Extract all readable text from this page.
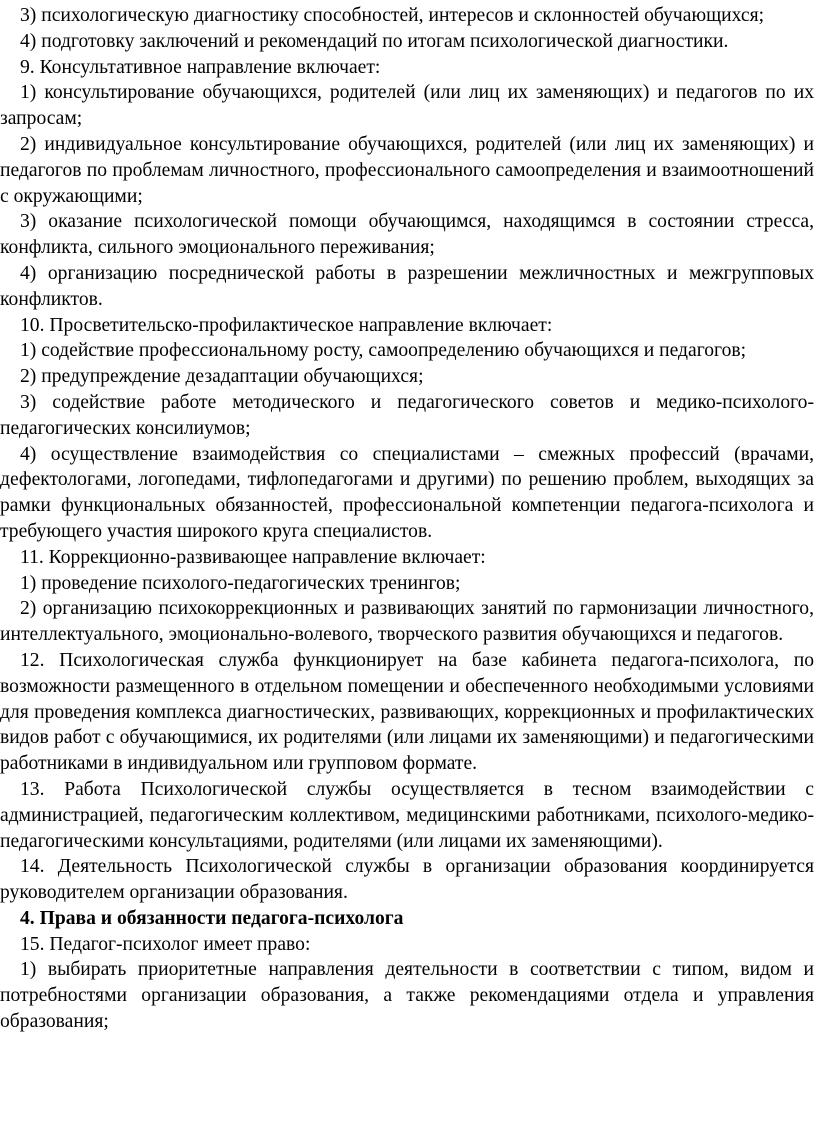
3) психологическую диагностику способностей, интересов и склонностей обучающихся;

4) подготовку заключений и рекомендаций по итогам психологической диагностики.

9. Консультативное направление включает:

1) консультирование обучающихся, родителей (или лиц их заменяющих) и педагогов по их запросам;

2) индивидуальное консультирование обучающихся, родителей (или лиц их заменяющих) и педагогов по проблемам личностного, профессионального самоопределения и взаимоотношений с окружающими;

3) оказание психологической помощи обучающимся, находящимся в состоянии стресса, конфликта, сильного эмоционального переживания;

4) организацию посреднической работы в разрешении межличностных и межгрупповых конфликтов.

10. Просветительско-профилактическое направление включает:

1) содействие профессиональному росту, самоопределению обучающихся и педагогов;

2) предупреждение дезадаптации обучающихся;

3) содействие работе методического и педагогического советов и медико-психолого-педагогических консилиумов;

4) осуществление взаимодействия со специалистами – смежных профессий (врачами, дефектологами, логопедами, тифлопедагогами и другими) по решению проблем, выходящих за рамки функциональных обязанностей, профессиональной компетенции педагога-психолога и требующего участия широкого круга специалистов.

11. Коррекционно-развивающее направление включает:

1) проведение психолого-педагогических тренингов;

2) организацию психокоррекционных и развивающих занятий по гармонизации личностного, интеллектуального, эмоционально-волевого, творческого развития обучающихся и педагогов.

12. Психологическая служба функционирует на базе кабинета педагога-психолога, по возможности размещенного в отдельном помещении и обеспеченного необходимыми условиями для проведения комплекса диагностических, развивающих, коррекционных и профилактических видов работ с обучающимися, их родителями (или лицами их заменяющими) и педагогическими работниками в индивидуальном или групповом формате.

13. Работа Психологической службы осуществляется в тесном взаимодействии с администрацией, педагогическим коллективом, медицинскими работниками, психолого-медико-педагогическими консультациями, родителями (или лицами их заменяющими).

14. Деятельность Психологической службы в организации образования координируется руководителем организации образования.

4. Права и обязанности педагога-психолога

15. Педагог-психолог имеет право:

1) выбирать приоритетные направления деятельности в соответствии с типом, видом и потребностями организации образования, а также рекомендациями отдела и управления образования;
